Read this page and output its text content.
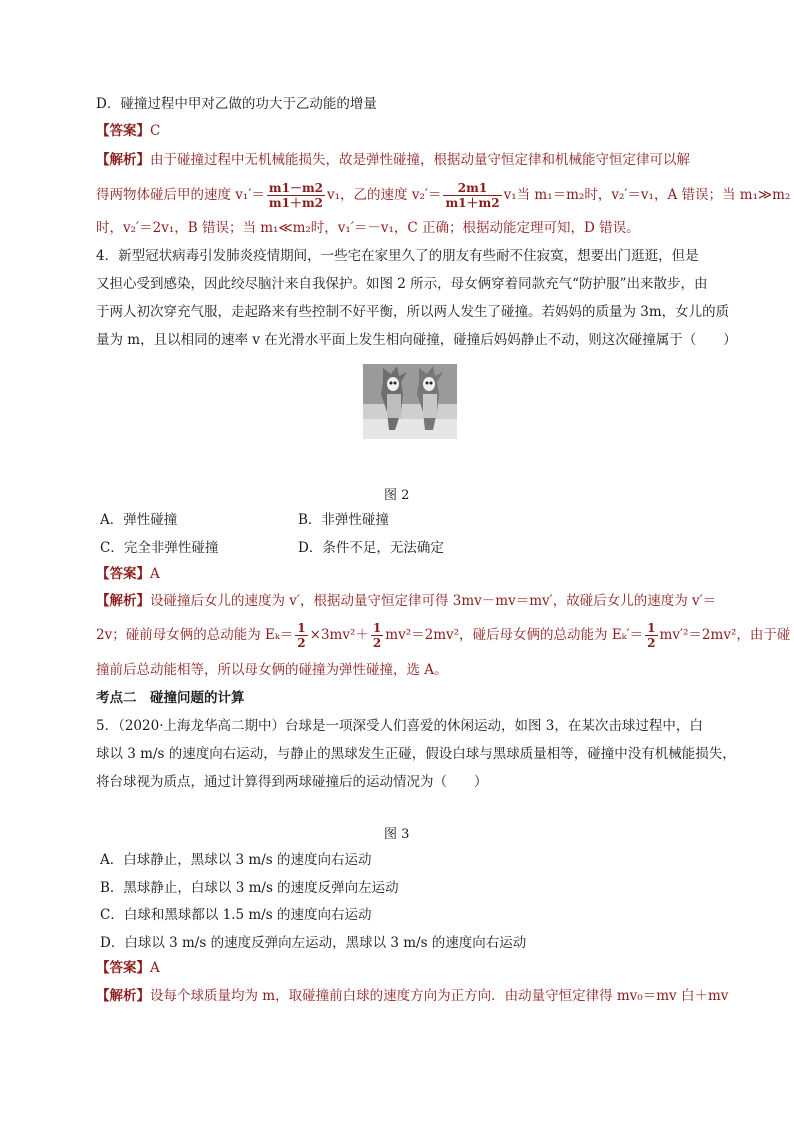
D．碰撞过程中甲对乙做的功大于乙动能的增量
【答案】C
【解析】由于碰撞过程中无机械能损失，故是弹性碰撞，根据动量守恒定律和机械能守恒定律可以解
得两物体碰后甲的速度 $v_1'= \frac{m1-m2}{m1+m2} v_1$，乙的速度 $v_2'= \frac{2m1}{m1+m2} v_1$当 m₁＝m₂时，v₂′＝v₁，A 错误；当 m₁≫m₂
时，v₂′＝2v₁，B 错误；当 m₁≪m₂时，v₁′＝－v₁，C 正确；根据动能定理可知，D 错误。
4．新型冠状病毒引发肺炎疫情期间，一些宅在家里久了的朋友有些耐不住寂寞，想要出门逛逛，但是
又担心受到感染，因此绞尽脑汁来自我保护。如图 2 所示，母女俩穿着同款充气“防护服”出来散步，由
于两人初次穿充气服，走起路来有些控制不好平衡，所以两人发生了碰撞。若妈妈的质量为 3m，女儿的质
量为 m，且以相同的速率 v 在光滑水平面上发生相向碰撞，碰撞后妈妈静止不动，则这次碰撞属于（　　）
图 2
A．弹性碰撞	B．非弹性碰撞
C．完全非弹性碰撞	D．条件不足，无法确定
【答案】A
【解析】设碰撞后女儿的速度为 v′，根据动量守恒定律可得 3mv－mv＝mv′，故碰后女儿的速度为 v′＝
2v；碰前母女俩的总动能为 $E_k= \frac{1}{2} \times 3mv^2+ \frac{1}{2} mv^2=2mv^2$，碰后母女俩的总动能为 $E_k'= \frac{1}{2} mv'^2=2mv^2$，由于碰
撞前后总动能相等，所以母女俩的碰撞为弹性碰撞，选 A。
考点二　碰撞问题的计算
5．（2020·上海龙华高二期中）台球是一项深受人们喜爱的休闲运动，如图 3，在某次击球过程中，白
球以 3 m/s 的速度向右运动，与静止的黑球发生正碰，假设白球与黑球质量相等，碰撞中没有机械能损失，
将台球视为质点，通过计算得到两球碰撞后的运动情况为（　　）
图 3
A．白球静止，黑球以 3 m/s 的速度向右运动
B．黑球静止，白球以 3 m/s 的速度反弹向左运动
C．白球和黑球都以 1.5 m/s 的速度向右运动
D．白球以 3 m/s 的速度反弹向左运动，黑球以 3 m/s 的速度向右运动
【答案】A
【解析】设每个球质量均为 m，取碰撞前白球的速度方向为正方向．由动量守恒定律得 mv₀＝mv 白＋mv
